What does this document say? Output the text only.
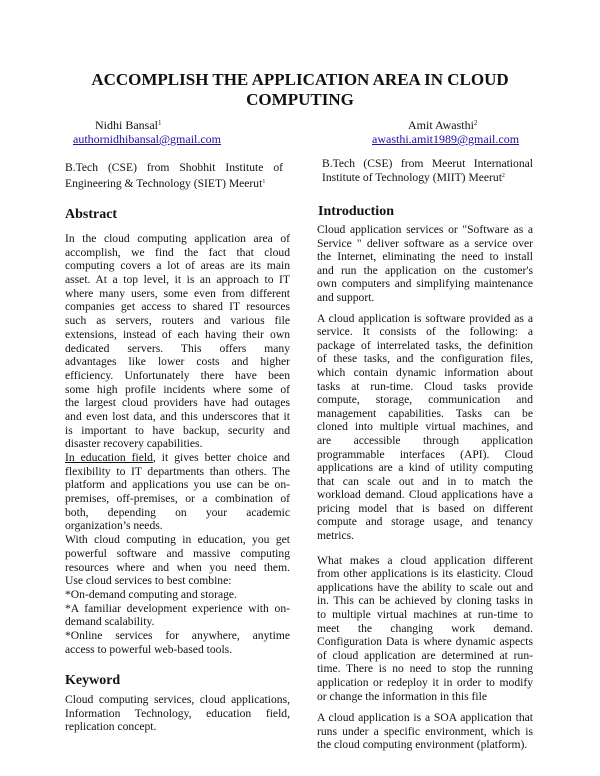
ACCOMPLISH THE APPLICATION AREA IN CLOUD
COMPUTING
Nidhi Bansal$^1$
authornidhibansal@gmail.com
B.Tech (CSE) from Shobhit Institute of
Engineering & Technology (SIET) Meerut$^1$
Amit Awasthi$^2$
awasthi.amit1989@gmail.com
B.Tech (CSE) from Meerut International
Institute of Technology (MIIT) Meerut$^2$
Abstract
In the cloud computing application area of
accomplish, we find the fact that cloud
computing covers a lot of areas are its main
asset. At a top level, it is an approach to IT
where many users, some even from different
companies get access to shared IT resources
such as servers, routers and various file
extensions, instead of each having their own
dedicated servers. This offers many
advantages like lower costs and higher
efficiency. Unfortunately there have been
some high profile incidents where some of
the largest cloud providers have had outages
and even lost data, and this underscores that it
is important to have backup, security and
disaster recovery capabilities.
In education field, it gives better choice and
flexibility to IT departments than others. The
platform and applications you use can be on-
premises, off-premises, or a combination of
both, depending on your academic
organization’s needs.
With cloud computing in education, you get
powerful software and massive computing
resources where and when you need them.
Use cloud services to best combine:
*On-demand computing and storage.
*A familiar development experience with on-
demand scalability.
*Online services for anywhere, anytime
access to powerful web-based tools.
Keyword
Cloud computing services, cloud applications,
Information Technology, education field,
replication concept.
Introduction
Cloud application services or "Software as a
Service " deliver software as a service over
the Internet, eliminating the need to install
and run the application on the customer's
own computers and simplifying maintenance
and support.
A cloud application is software provided as a
service. It consists of the following: a
package of interrelated tasks, the definition
of these tasks, and the configuration files,
which contain dynamic information about
tasks at run-time. Cloud tasks provide
compute, storage, communication and
management capabilities. Tasks can be
cloned into multiple virtual machines, and
are accessible through application
programmable interfaces (API). Cloud
applications are a kind of utility computing
that can scale out and in to match the
workload demand. Cloud applications have a
pricing model that is based on different
compute and storage usage, and tenancy
metrics.
What makes a cloud application different
from other applications is its elasticity. Cloud
applications have the ability to scale out and
in. This can be achieved by cloning tasks in
to multiple virtual machines at run-time to
meet the changing work demand.
Configuration Data is where dynamic aspects
of cloud application are determined at run-
time. There is no need to stop the running
application or redeploy it in order to modify
or change the information in this file
A cloud application is a SOA application that
runs under a specific environment, which is
the cloud computing environment (platform).
